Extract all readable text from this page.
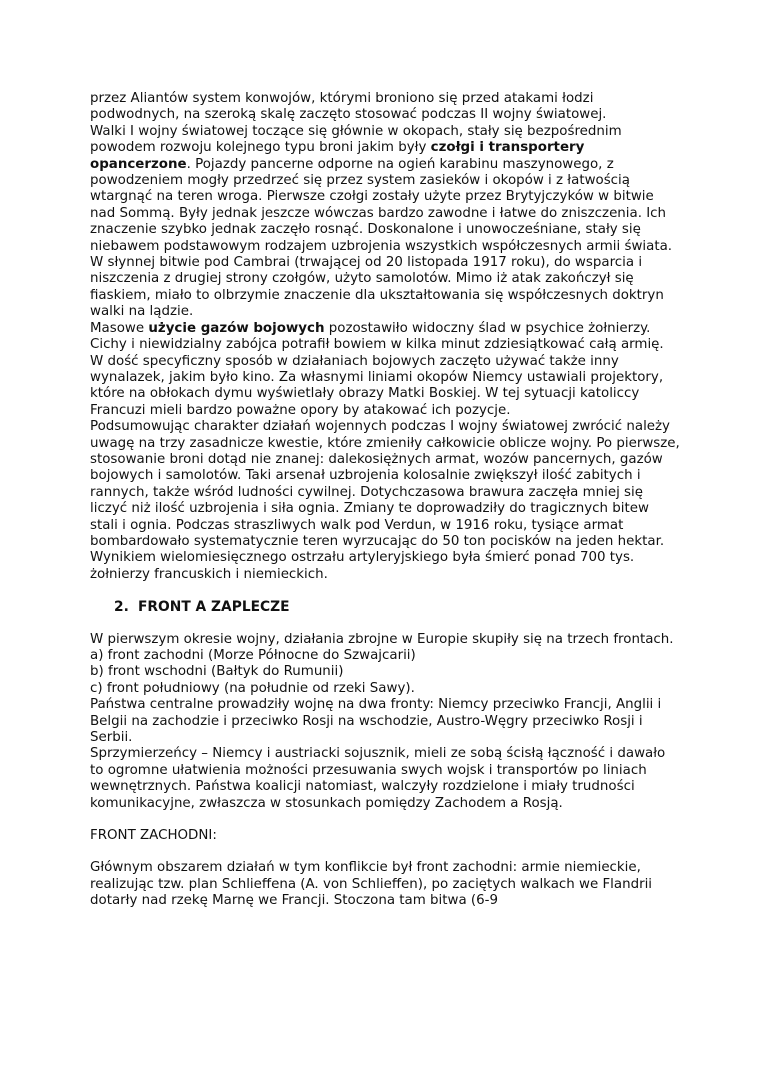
przez Aliantów system konwojów, którymi broniono się przed atakami łodzi podwodnych, na szeroką skalę zaczęto stosować podczas II wojny światowej.

Walki I wojny światowej toczące się głównie w okopach, stały się bezpośrednim powodem rozwoju kolejnego typu broni jakim były czołgi i transportery opancerzone. Pojazdy pancerne odporne na ogień karabinu maszynowego, z powodzeniem mogły przedrzeć się przez system zasieków i okopów i z łatwością wtargnąć na teren wroga. Pierwsze czołgi zostały użyte przez Brytyjczyków w bitwie nad Sommą. Były jednak jeszcze wówczas bardzo zawodne i łatwe do zniszczenia. Ich znaczenie szybko jednak zaczęło rosnąć. Doskonalone i unowocześniane, stały się niebawem podstawowym rodzajem uzbrojenia wszystkich współczesnych armii świata.

W słynnej bitwie pod Cambrai (trwającej od 20 listopada 1917 roku), do wsparcia i niszczenia z drugiej strony czołgów, użyto samolotów. Mimo iż atak zakończył się fiaskiem, miało to olbrzymie znaczenie dla ukształtowania się współczesnych doktryn walki na lądzie.

Masowe użycie gazów bojowych pozostawiło widoczny ślad w psychice żołnierzy. Cichy i niewidzialny zabójca potrafił bowiem w kilka minut zdziesiątkować całą armię. W dość specyficzny sposób w działaniach bojowych zaczęto używać także inny wynalazek, jakim było kino. Za własnymi liniami okopów Niemcy ustawiali projektory, które na obłokach dymu wyświetlały obrazy Matki Boskiej. W tej sytuacji katoliccy Francuzi mieli bardzo poważne opory by atakować ich pozycje.

Podsumowując charakter działań wojennych podczas I wojny światowej zwrócić należy uwagę na trzy zasadnicze kwestie, które zmieniły całkowicie oblicze wojny. Po pierwsze, stosowanie broni dotąd nie znanej: dalekosiężnych armat, wozów pancernych, gazów bojowych i samolotów. Taki arsenał uzbrojenia kolosalnie zwiększył ilość zabitych i rannych, także wśród ludności cywilnej. Dotychczasowa brawura zaczęła mniej się liczyć niż ilość uzbrojenia i siła ognia. Zmiany te doprowadziły do tragicznych bitew stali i ognia. Podczas straszliwych walk pod Verdun, w 1916 roku, tysiące armat bombardowało systematycznie teren wyrzucając do 50 ton pocisków na jeden hektar. Wynikiem wielomiesięcznego ostrzału artyleryjskiego była śmierć ponad 700 tys. żołnierzy francuskich i niemieckich.

2. FRONT A ZAPLECZE

W pierwszym okresie wojny, działania zbrojne w Europie skupiły się na trzech frontach.

a) front zachodni (Morze Północne do Szwajcarii)

b) front wschodni (Bałtyk do Rumunii)

c) front południowy (na południe od rzeki Sawy).

Państwa centralne prowadziły wojnę na dwa fronty: Niemcy przeciwko Francji, Anglii i Belgii na zachodzie i przeciwko Rosji na wschodzie, Austro-Węgry przeciwko Rosji i Serbii.

Sprzymierzeńcy – Niemcy i austriacki sojusznik, mieli ze sobą ścisłą łączność i dawało to ogromne ułatwienia możności przesuwania swych wojsk i transportów po liniach wewnętrznych. Państwa koalicji natomiast, walczyły rozdzielone i miały trudności komunikacyjne, zwłaszcza w stosunkach pomiędzy Zachodem a Rosją.

FRONT ZACHODNI:

Głównym obszarem działań w tym konflikcie był front zachodni: armie niemieckie, realizując tzw. plan Schlieffena (A. von Schlieffen), po zaciętych walkach we Flandrii dotarły nad rzekę Marnę we Francji. Stoczona tam bitwa (6-9
